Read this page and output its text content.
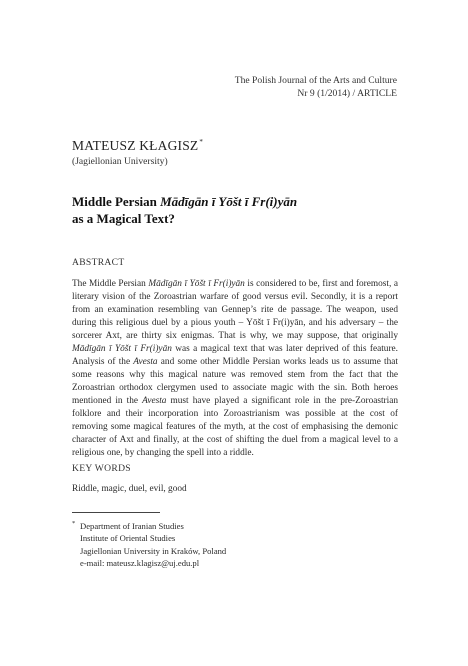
The Polish Journal of the Arts and Culture
Nr 9 (1/2014) / ARTICLE
MATEUSZ KŁAGISZ*
(Jagiellonian University)
Middle Persian Mādīgān ī Yōšt ī Fr(i)yān
as a Magical Text?
ABSTRACT

The Middle Persian Mādīgān ī Yōšt ī Fr(i)yān is considered to be, first and foremost, a literary vision of the Zoroastrian warfare of good versus evil. Secondly, it is a report from an examination resembling van Gennep’s rite de passage. The weapon, used during this religious duel by a pious youth – Yōšt ī Fr(i)yān, and his adversary – the sorcerer Axt, are thirty six enigmas. That is why, we may suppose, that originally Mādīgān ī Yōšt ī Fr(i)yān was a magical text that was later deprived of this feature. Analysis of the Avesta and some other Middle Persian works leads us to assume that some reasons why this magical nature was removed stem from the fact that the Zoroastrian orthodox clergymen used to associate magic with the sin. Both heroes mentioned in the Avesta must have played a significant role in the pre-Zoroastrian folklore and their incorporation into Zoroastrianism was possible at the cost of removing some magical features of the myth, at the cost of emphasising the demonic character of Axt and finally, at the cost of shifting the duel from a magical level to a religious one, by changing the spell into a riddle.

KEY WORDS
Riddle, magic, duel, evil, good
* Department of Iranian Studies
Institute of Oriental Studies
Jagiellonian University in Kraków, Poland
e-mail: mateusz.klagisz@uj.edu.pl
